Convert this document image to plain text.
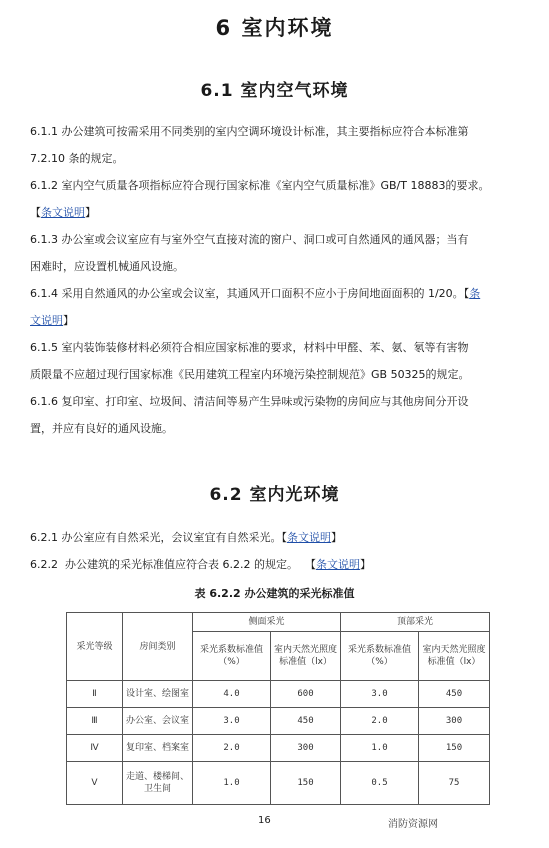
6 室内环境
6.1 室内空气环境
6.1.1 办公建筑可按需采用不同类别的室内空调环境设计标准，其主要指标应符合本标准第
7.2.10 条的规定。
6.1.2 室内空气质量各项指标应符合现行国家标准《室内空气质量标准》GB/T 18883的要求。
【条文说明】
6.1.3 办公室或会议室应有与室外空气直接对流的窗户、洞口或可自然通风的通风器；当有
困难时，应设置机械通风设施。
6.1.4 采用自然通风的办公室或会议室，其通风开口面积不应小于房间地面面积的 1/20。【条
文说明】
6.1.5 室内装饰装修材料必须符合相应国家标准的要求，材料中甲醛、苯、氨、氡等有害物
质限量不应超过现行国家标准《民用建筑工程室内环境污染控制规范》GB 50325的规定。
6.1.6 复印室、打印室、垃圾间、清洁间等易产生异味或污染物的房间应与其他房间分开设
置，并应有良好的通风设施。
6.2 室内光环境
6.2.1 办公室应有自然采光，会议室宜有自然采光。【条文说明】
6.2.2  办公建筑的采光标准值应符合表 6.2.2 的规定。  【条文说明】
表 6.2.2 办公建筑的采光标准值
采光等级	房间类别	侧面采光		顶部采光	
		采光系数标准值（%）	室内天然光照度标准值（lx）	采光系数标准值（%）	室内天然光照度标准值（lx）
Ⅱ	设计室、绘图室	4.0	600	3.0	450
Ⅲ	办公室、会议室	3.0	450	2.0	300
Ⅳ	复印室、档案室	2.0	300	1.0	150
Ⅴ	走道、楼梯间、卫生间	1.0	150	0.5	75
16	消防资源网
